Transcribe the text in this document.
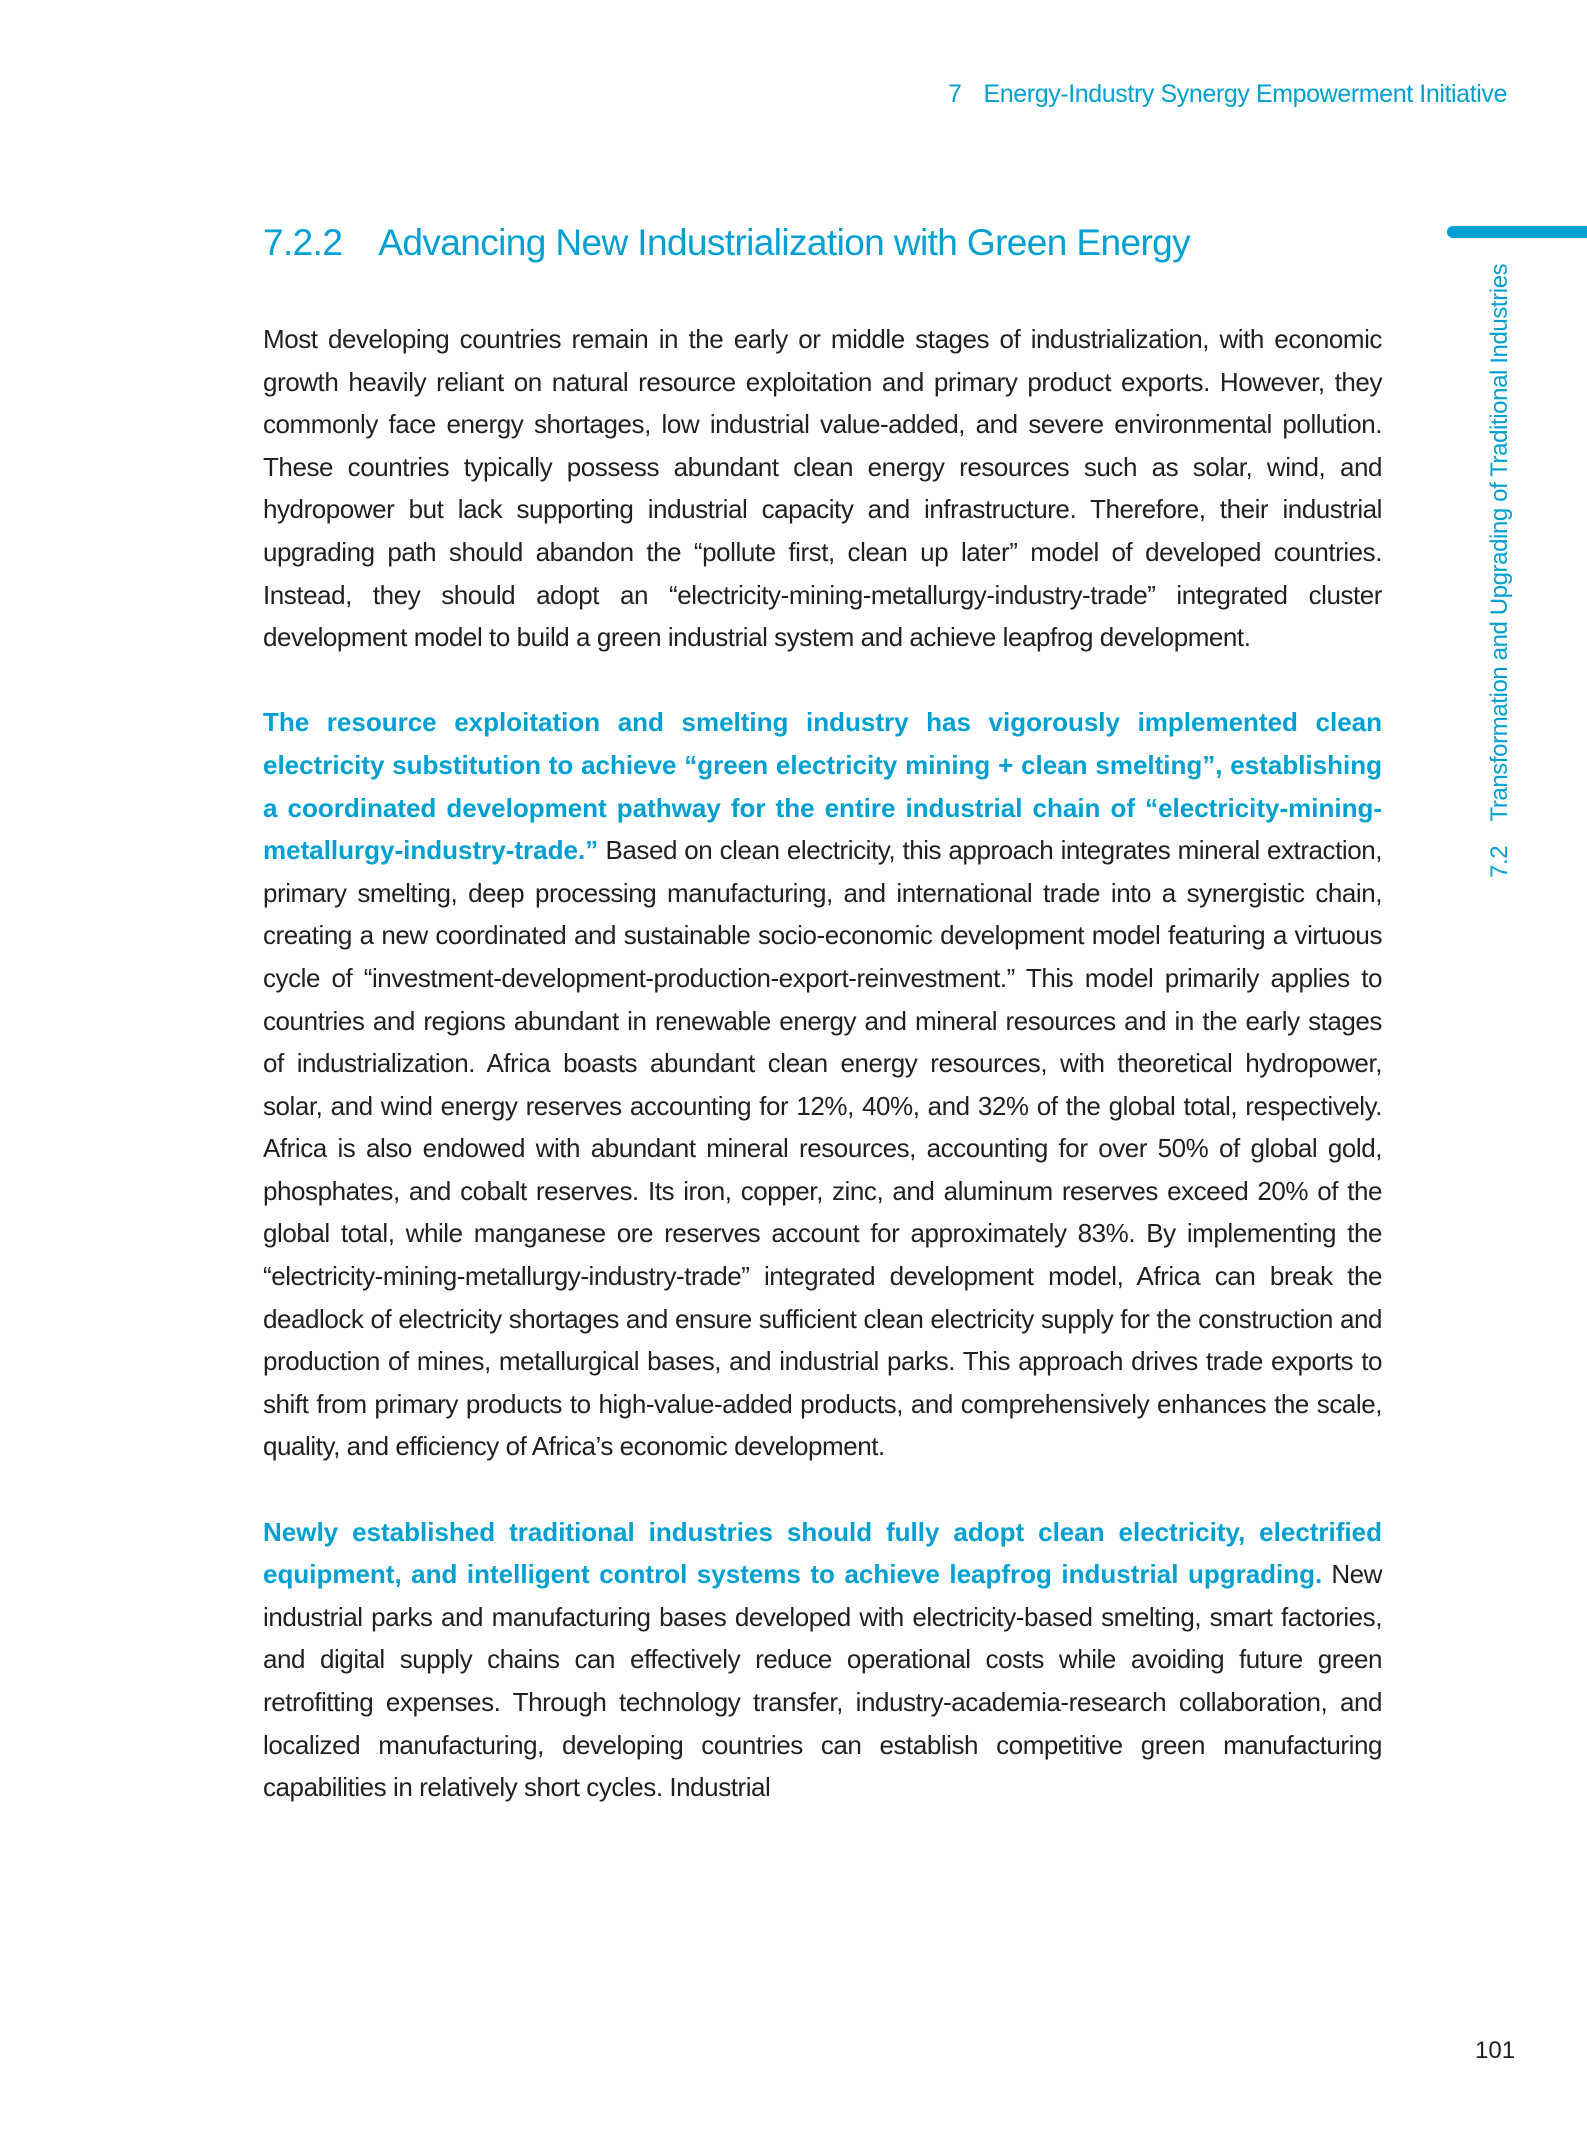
7 Energy-Industry Synergy Empowerment Initiative
7.2 Transformation and Upgrading of Traditional Industries
7.2.2 Advancing New Industrialization with Green Energy

Most developing countries remain in the early or middle stages of industrialization, with economic growth heavily reliant on natural resource exploitation and primary product exports. However, they commonly face energy shortages, low industrial value-added, and severe environmental pollution. These countries typically possess abundant clean energy resources such as solar, wind, and hydropower but lack supporting industrial capacity and infrastructure. Therefore, their industrial upgrading path should abandon the “pollute first, clean up later” model of developed countries. Instead, they should adopt an “electricity-mining-metallurgy-industry-trade” integrated cluster development model to build a green industrial system and achieve leapfrog development.

The resource exploitation and smelting industry has vigorously implemented clean electricity substitution to achieve “green electricity mining + clean smelting”, establishing a coordinated development pathway for the entire industrial chain of “electricity-mining-metallurgy-industry-trade.” Based on clean electricity, this approach integrates mineral extraction, primary smelting, deep processing manufacturing, and international trade into a synergistic chain, creating a new coordinated and sustainable socio-economic development model featuring a virtuous cycle of “investment-development-production-export-reinvestment.” This model primarily applies to countries and regions abundant in renewable energy and mineral resources and in the early stages of industrialization. Africa boasts abundant clean energy resources, with theoretical hydropower, solar, and wind energy reserves accounting for 12%, 40%, and 32% of the global total, respectively. Africa is also endowed with abundant mineral resources, accounting for over 50% of global gold, phosphates, and cobalt reserves. Its iron, copper, zinc, and aluminum reserves exceed 20% of the global total, while manganese ore reserves account for approximately 83%. By implementing the “electricity-mining-metallurgy-industry-trade” integrated development model, Africa can break the deadlock of electricity shortages and ensure sufficient clean electricity supply for the construction and production of mines, metallurgical bases, and industrial parks. This approach drives trade exports to shift from primary products to high-value-added products, and comprehensively enhances the scale, quality, and efficiency of Africa’s economic development.

Newly established traditional industries should fully adopt clean electricity, electrified equipment, and intelligent control systems to achieve leapfrog industrial upgrading. New industrial parks and manufacturing bases developed with electricity-based smelting, smart factories, and digital supply chains can effectively reduce operational costs while avoiding future green retrofitting expenses. Through technology transfer, industry-academia-research collaboration, and localized manufacturing, developing countries can establish competitive green manufacturing capabilities in relatively short cycles. Industrial

101
